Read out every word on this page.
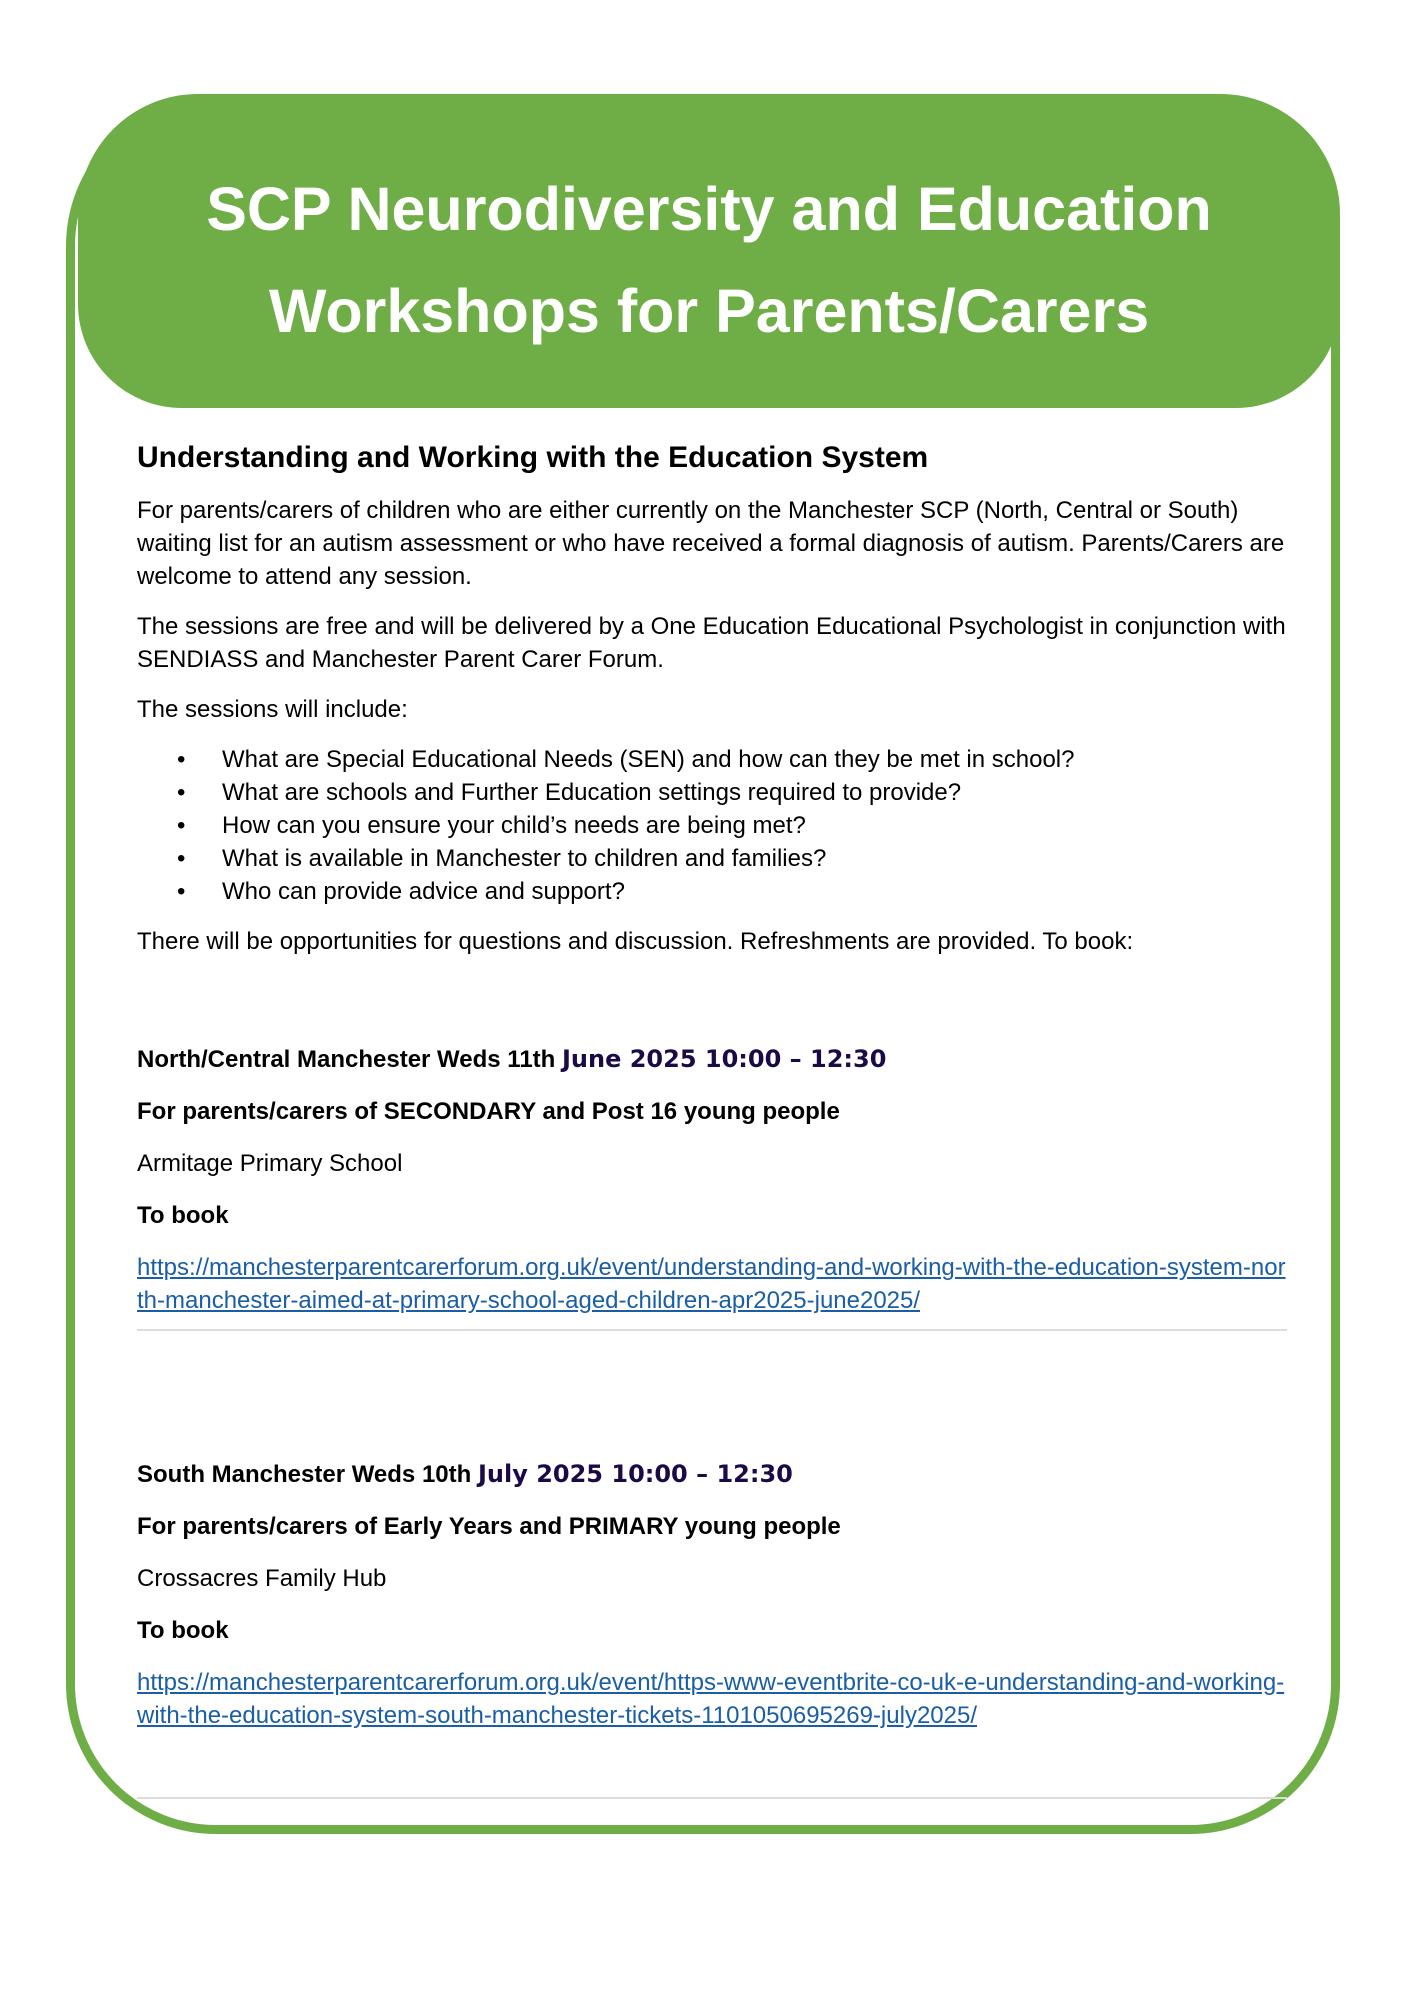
SCP Neurodiversity and Education
Workshops for Parents/Carers
Understanding and Working with the Education System

For parents/carers of children who are either currently on the Manchester SCP (North, Central or South) waiting list for an autism assessment or who have received a formal diagnosis of autism. Parents/Carers are welcome to attend any session.

The sessions are free and will be delivered by a One Education Educational Psychologist in conjunction with SENDIASS and Manchester Parent Carer Forum.

The sessions will include:

• What are Special Educational Needs (SEN) and how can they be met in school?
• What are schools and Further Education settings required to provide?
• How can you ensure your child’s needs are being met?
• What is available in Manchester to children and families?
• Who can provide advice and support?

There will be opportunities for questions and discussion. Refreshments are provided. To book:

North/Central Manchester Weds 11th June 2025 10:00 – 12:30

For parents/carers of SECONDARY and Post 16 young people

Armitage Primary School

To book

https://manchesterparentcarerforum.org.uk/event/understanding-and-working-with-the-education-system-north-manchester-aimed-at-primary-school-aged-children-apr2025-june2025/

South Manchester Weds 10th July 2025 10:00 – 12:30

For parents/carers of Early Years and PRIMARY young people

Crossacres Family Hub

To book

https://manchesterparentcarerforum.org.uk/event/https-www-eventbrite-co-uk-e-understanding-and-working-with-the-education-system-south-manchester-tickets-1101050695269-july2025/
